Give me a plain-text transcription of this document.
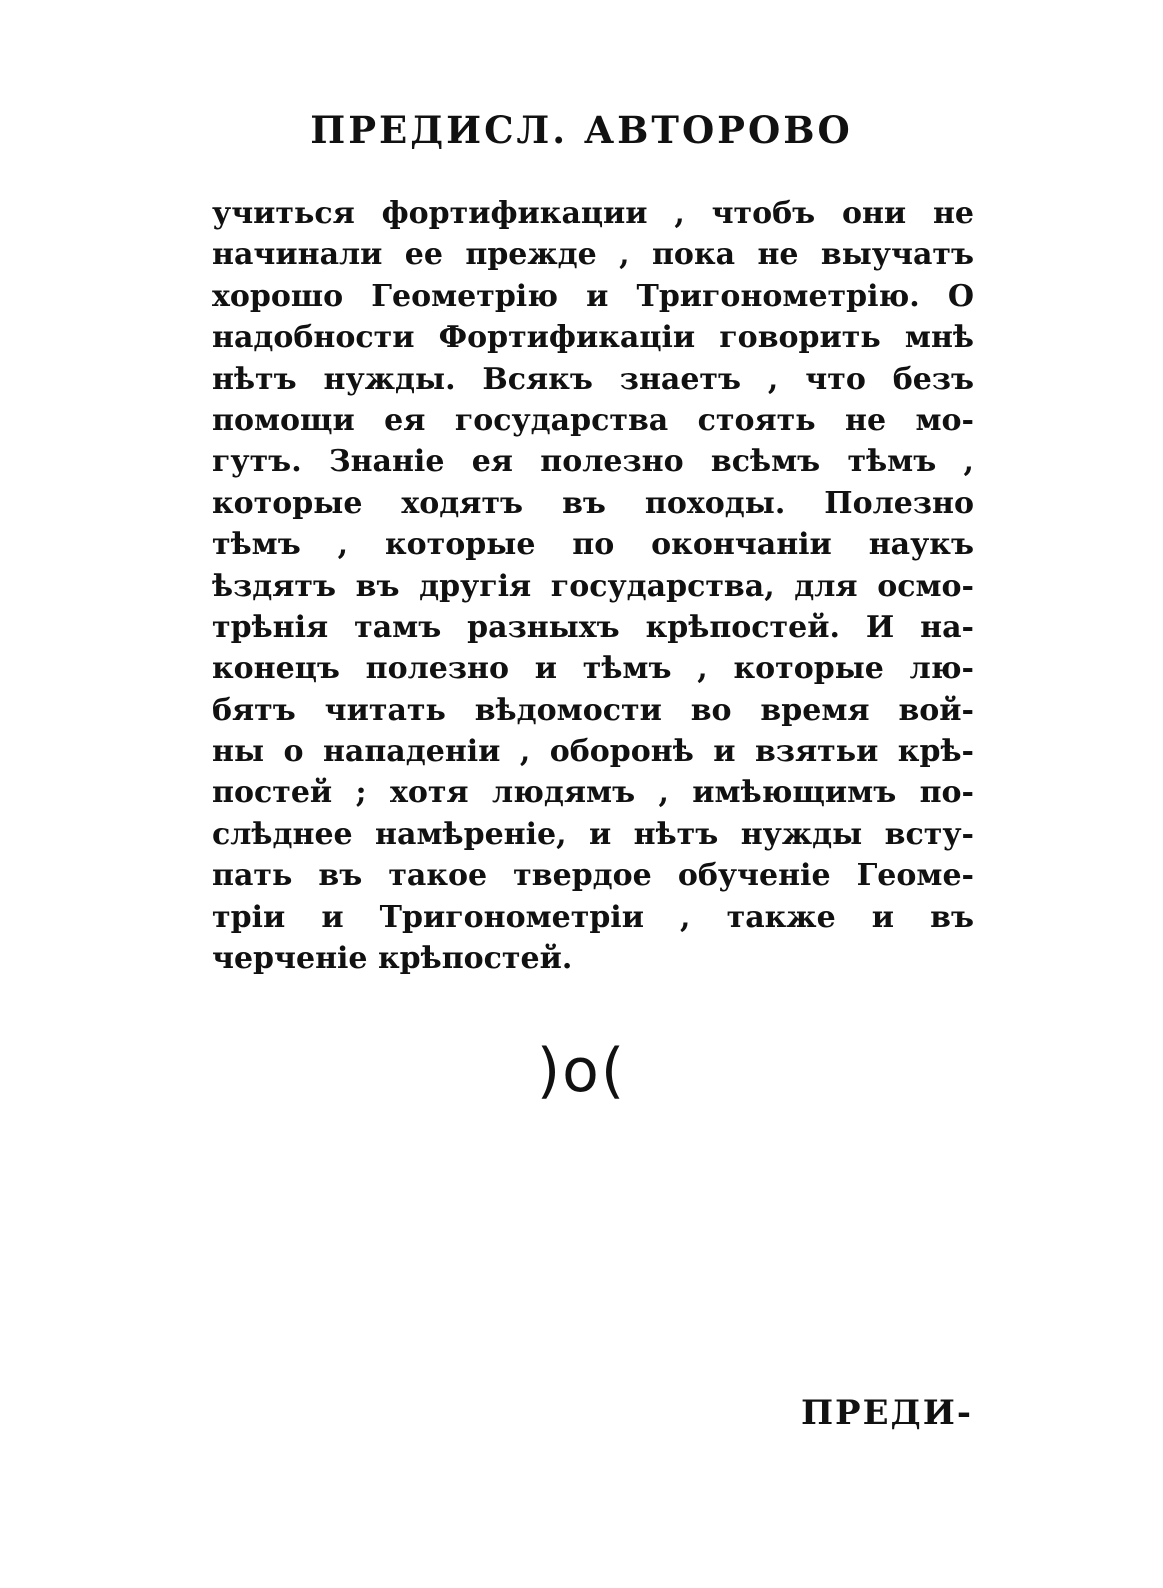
ПРЕДИСЛ. АВТОРОВО
учиться фортификации , чтобъ они не
начинали ее прежде , пока не выучатъ
хорошо Геометрію и Тригонометрію. О
надобности Фортификаціи говорить мнѣ
нѣтъ нужды. Всякъ знаетъ , что безъ
помощи ея государства стоять не мо-
гутъ. Знаніе ея полезно всѣмъ тѣмъ ,
которые ходятъ въ походы. Полезно
тѣмъ , которые по окончаніи наукъ
ѣздятъ въ другія государства, для осмо-
трѣнія тамъ разныхъ крѣпостей. И на-
конецъ полезно и тѣмъ , которые лю-
бятъ читать вѣдомости во время вой-
ны о нападеніи , оборонѣ и взятьи крѣ-
постей ; хотя людямъ , имѣющимъ по-
слѣднее намѣреніе, и нѣтъ нужды всту-
пать въ такое твердое обученіе Геоме-
тріи и Тригонометріи , также и въ
черченіе крѣпостей.
)o(
ПРЕДИ-
